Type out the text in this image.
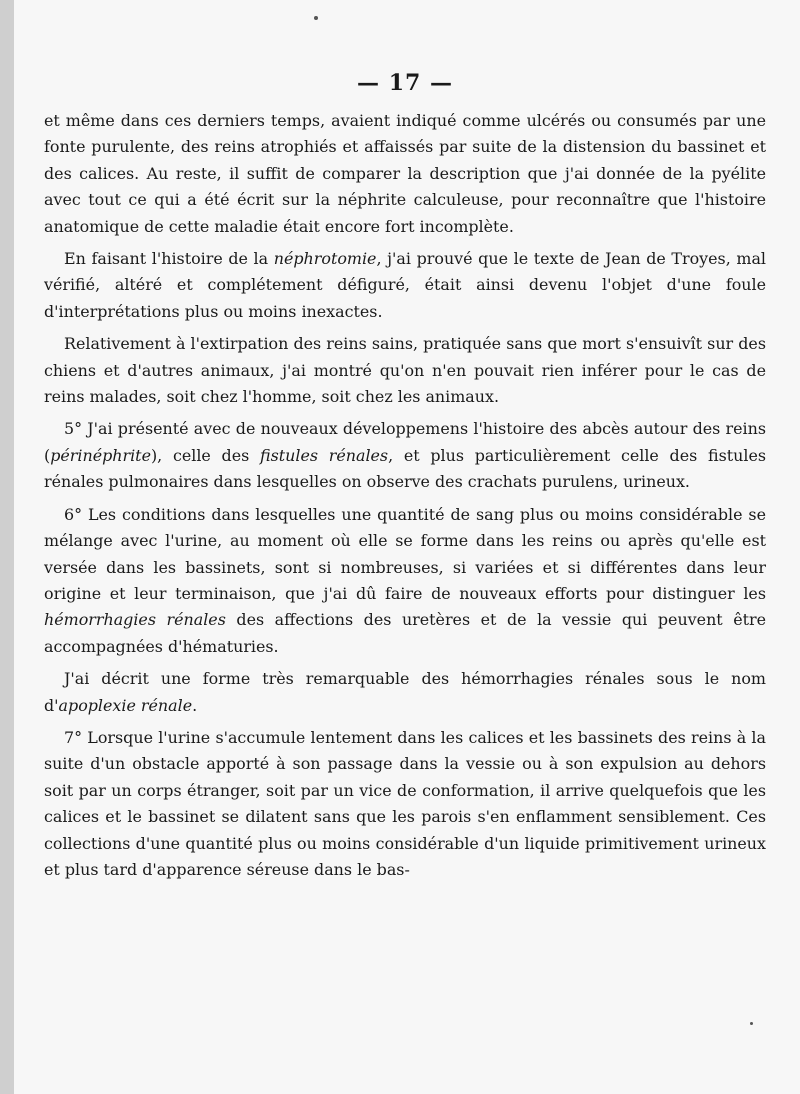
— 17 —

et même dans ces derniers temps, avaient indiqué comme ulcérés ou consumés par une fonte purulente, des reins atrophiés et affaissés par suite de la distension du bassinet et des calices. Au reste, il suffit de comparer la description que j'ai donnée de la pyélite avec tout ce qui a été écrit sur la néphrite calculeuse, pour reconnaître que l'histoire anatomique de cette maladie était encore fort incomplète.

En faisant l'histoire de la néphrotomie, j'ai prouvé que le texte de Jean de Troyes, mal vérifié, altéré et complétement défiguré, était ainsi devenu l'objet d'une foule d'interprétations plus ou moins inexactes.

Relativement à l'extirpation des reins sains, pratiquée sans que mort s'ensuivît sur des chiens et d'autres animaux, j'ai montré qu'on n'en pouvait rien inférer pour le cas de reins malades, soit chez l'homme, soit chez les animaux.

5° J'ai présenté avec de nouveaux développemens l'histoire des abcès autour des reins (périnéphrite), celle des fistules rénales, et plus particulièrement celle des fistules rénales pulmonaires dans lesquelles on observe des crachats purulens, urineux.

6° Les conditions dans lesquelles une quantité de sang plus ou moins considérable se mélange avec l'urine, au moment où elle se forme dans les reins ou après qu'elle est versée dans les bassinets, sont si nombreuses, si variées et si différentes dans leur origine et leur terminaison, que j'ai dû faire de nouveaux efforts pour distinguer les hémorrhagies rénales des affections des uretères et de la vessie qui peuvent être accompagnées d'hématuries.

J'ai décrit une forme très remarquable des hémorrhagies rénales sous le nom d'apoplexie rénale.

7° Lorsque l'urine s'accumule lentement dans les calices et les bassinets des reins à la suite d'un obstacle apporté à son passage dans la vessie ou à son expulsion au dehors soit par un corps étranger, soit par un vice de conformation, il arrive quelquefois que les calices et le bassinet se dilatent sans que les parois s'en enflamment sensiblement. Ces collections d'une quantité plus ou moins considérable d'un liquide primitivement urineux et plus tard d'apparence séreuse dans le bas-
